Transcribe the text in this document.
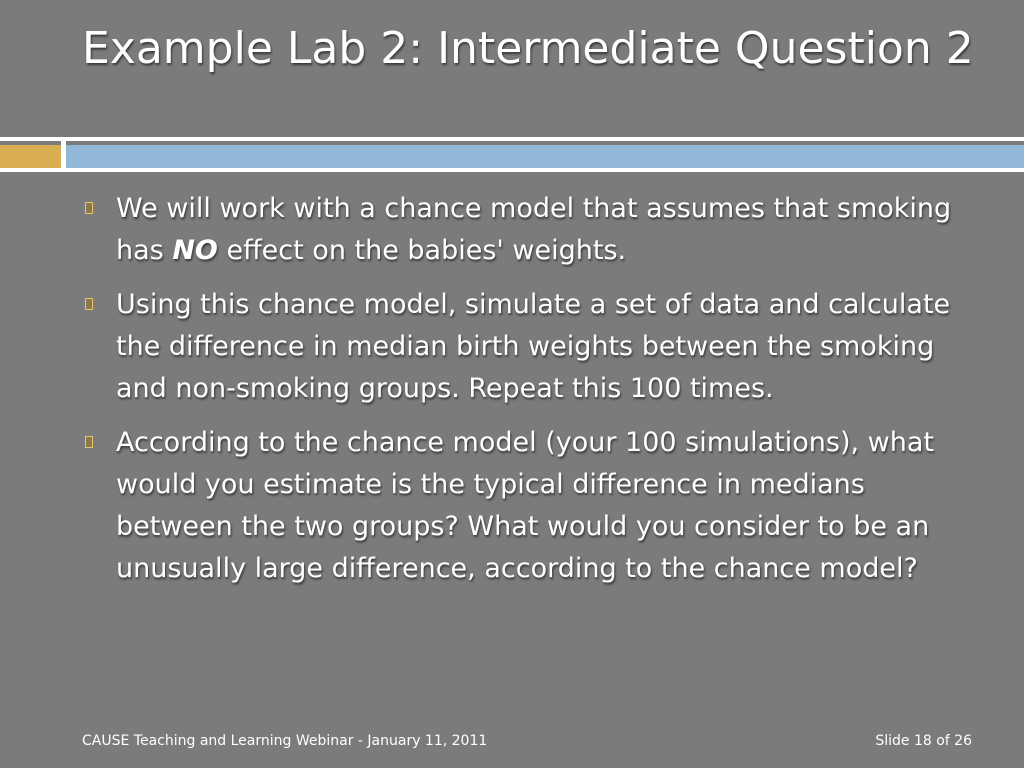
Example Lab 2: Intermediate Question 2
We will work with a chance model that assumes that smoking has NO effect on the babies' weights.
Using this chance model, simulate a set of data and calculate the difference in median birth weights between the smoking and non-smoking groups. Repeat this 100 times.
According to the chance model (your 100 simulations), what would you estimate is the typical difference in medians between the two groups? What would you consider to be an unusually large difference, according to the chance model?
CAUSE Teaching and Learning Webinar - January 11, 2011	Slide 18 of 26
